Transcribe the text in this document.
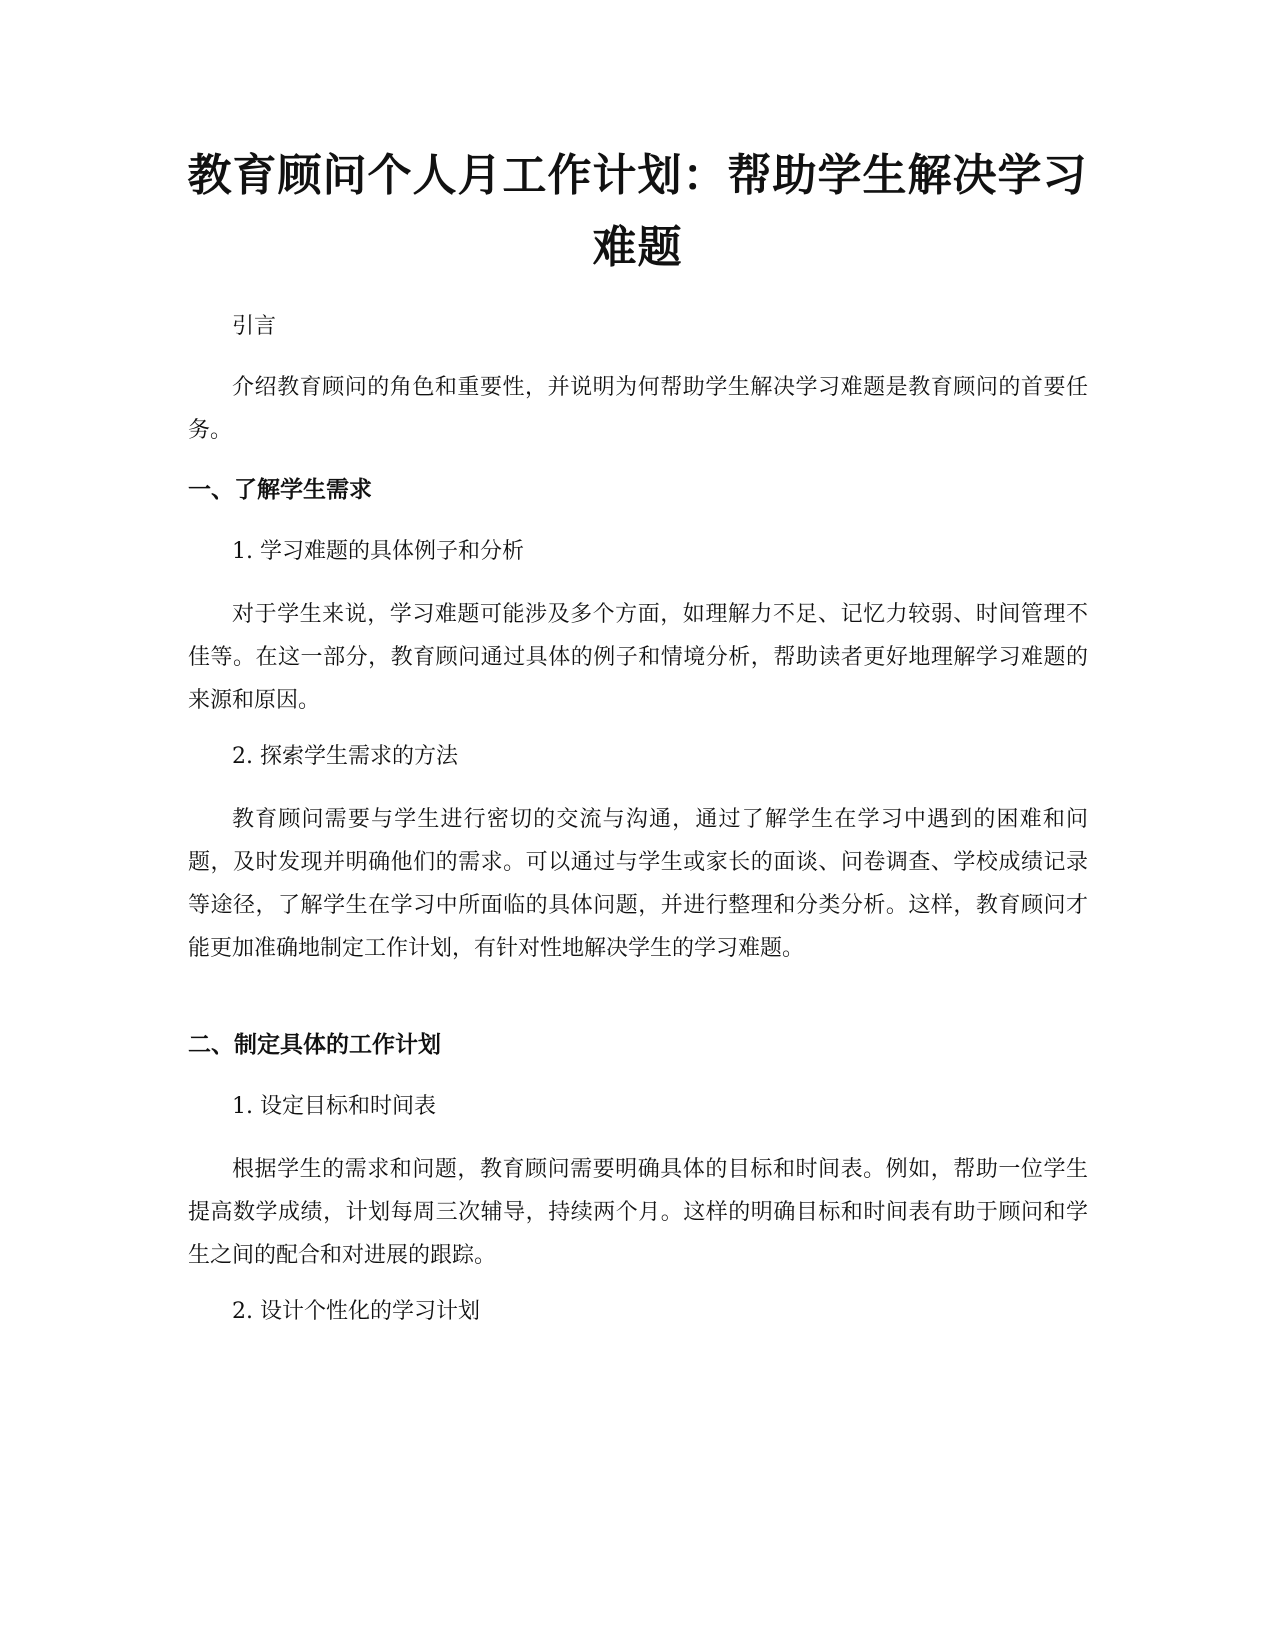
教育顾问个人月工作计划：帮助学生解决学习难题

引言

介绍教育顾问的角色和重要性，并说明为何帮助学生解决学习难题是教育顾问的首要任务。

一、了解学生需求

1. 学习难题的具体例子和分析

对于学生来说，学习难题可能涉及多个方面，如理解力不足、记忆力较弱、时间管理不佳等。在这一部分，教育顾问通过具体的例子和情境分析，帮助读者更好地理解学习难题的来源和原因。

2. 探索学生需求的方法

教育顾问需要与学生进行密切的交流与沟通，通过了解学生在学习中遇到的困难和问题，及时发现并明确他们的需求。可以通过与学生或家长的面谈、问卷调查、学校成绩记录等途径，了解学生在学习中所面临的具体问题，并进行整理和分类分析。这样，教育顾问才能更加准确地制定工作计划，有针对性地解决学生的学习难题。

二、制定具体的工作计划

1. 设定目标和时间表

根据学生的需求和问题，教育顾问需要明确具体的目标和时间表。例如，帮助一位学生提高数学成绩，计划每周三次辅导，持续两个月。这样的明确目标和时间表有助于顾问和学生之间的配合和对进展的跟踪。

2. 设计个性化的学习计划
